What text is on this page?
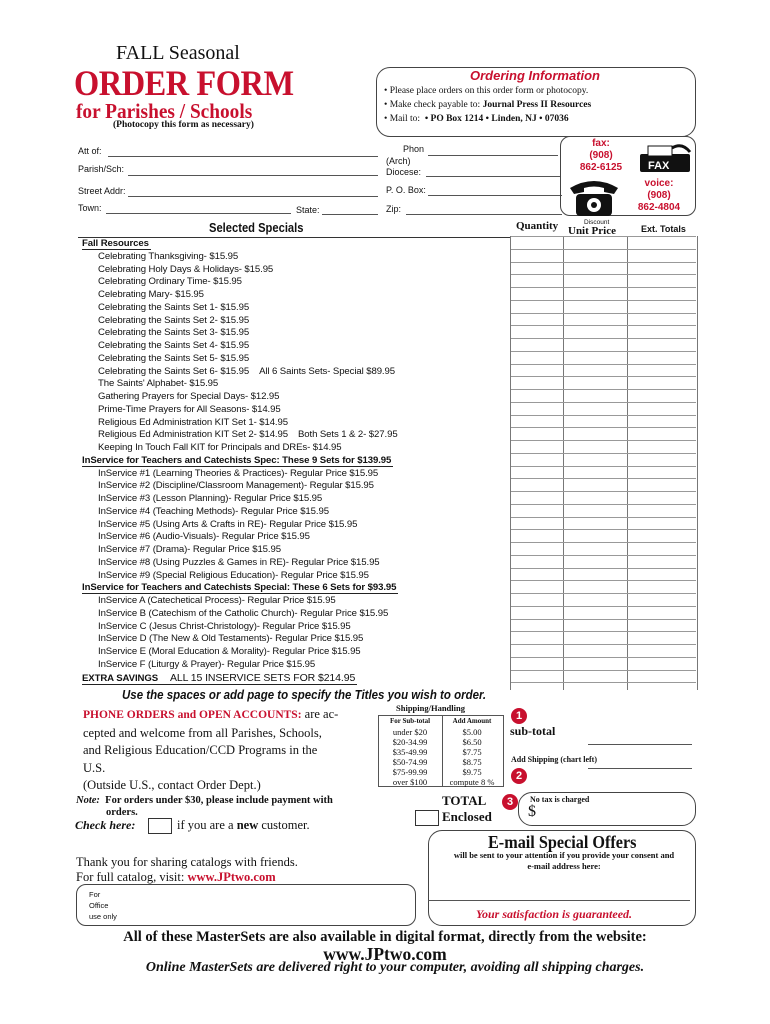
FALL Seasonal
ORDER FORM
for Parishes / Schools
(Photocopy this form as necessary)
Ordering Information
• Please place orders on this order form or photocopy.
• Make check payable to: Journal Press II Resources
• Mail to: • PO Box 1214 • Linden, NJ • 07036
Att of:	Phon
Parish/Sch:
(Arch)
Diocese:
Street Addr:	P. O. Box:
Town:	State:	Zip:
fax:
(908)
862-6125	FAX
voice:
(908)
862-4804
Selected Specials	Quantity	Discount
Unit Price	Ext. Totals
Fall Resources
Celebrating Thanksgiving- $15.95
Celebrating Holy Days & Holidays- $15.95
Celebrating Ordinary Time- $15.95
Celebrating Mary- $15.95
Celebrating the Saints Set 1- $15.95
Celebrating the Saints Set 2- $15.95
Celebrating the Saints Set 3- $15.95
Celebrating the Saints Set 4- $15.95
Celebrating the Saints Set 5- $15.95
Celebrating the Saints Set 6- $15.95 All 6 Saints Sets- Special $89.95
The Saints' Alphabet- $15.95
Gathering Prayers for Special Days- $12.95
Prime-Time Prayers for All Seasons- $14.95
Religious Ed Administration KIT Set 1- $14.95
Religious Ed Administration KIT Set 2- $14.95 Both Sets 1 & 2- $27.95
Keeping In Touch Fall KIT for Principals and DREs- $14.95
InService for Teachers and Catechists Spec: These 9 Sets for $139.95
InService #1 (Learning Theories & Practices)- Regular Price $15.95
InService #2 (Discipline/Classroom Management)- Regular $15.95
InService #3 (Lesson Planning)- Regular Price $15.95
InService #4 (Teaching Methods)- Regular Price $15.95
InService #5 (Using Arts & Crafts in RE)- Regular Price $15.95
InService #6 (Audio-Visuals)- Regular Price $15.95
InService #7 (Drama)- Regular Price $15.95
InService #8 (Using Puzzles & Games in RE)- Regular Price $15.95
InService #9 (Special Religious Education)- Regular Price $15.95
InService for Teachers and Catechists Special: These 6 Sets for $93.95
InService A (Catechetical Process)- Regular Price $15.95
InService B (Catechism of the Catholic Church)- Regular Price $15.95
InService C (Jesus Christ-Christology)- Regular Price $15.95
InService D (The New & Old Testaments)- Regular Price $15.95
InService E (Moral Education & Morality)- Regular Price $15.95
InService F (Liturgy & Prayer)- Regular Price $15.95
EXTRA SAVINGS ALL 15 INSERVICE SETS FOR $214.95
Use the spaces or add page to specify the Titles you wish to order.
PHONE ORDERS and OPEN ACCOUNTS: are ac-
cepted and welcome from all Parishes, Schools,
and Religious Education/CCD Programs in the
U.S.
(Outside U.S., contact Order Dept.)
Shipping/Handling
For Sub-total	Add Amount
under $20	$5.00
$20-34.99	$6.50
$35-49.99	$7.75
$50-74.99	$8.75
$75-99.99	$9.75
over $100	compute 8 %
1
sub-total
Add Shipping (chart left)
2
TOTAL	3
Enclosed
No tax is charged
$
Note: For orders under $30, please include payment with
orders.
Check here:	if you are a new customer.
Thank you for sharing catalogs with friends.
For full catalog, visit: www.JPtwo.com
For
Office
use only
E-mail Special Offers
will be sent to your attention if you provide your consent and
e-mail address here:
Your satisfaction is guaranteed.
All of these MasterSets are also available in digital format, directly from the website:
www.JPtwo.com
Online MasterSets are delivered right to your computer, avoiding all shipping charges.
